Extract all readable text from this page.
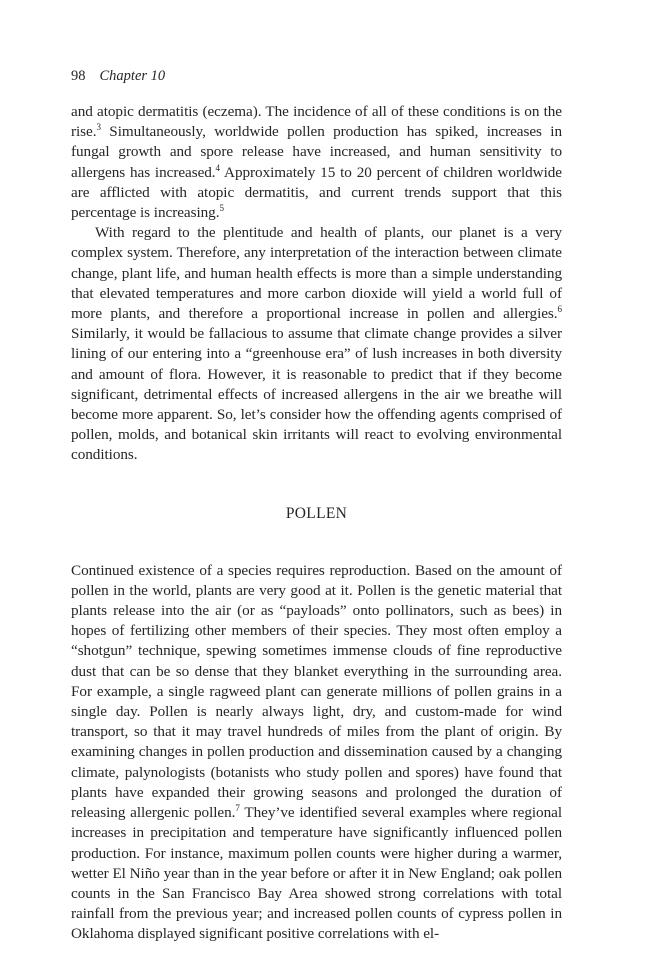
98 Chapter 10

and atopic dermatitis (eczema). The incidence of all of these conditions is on the rise.$^3$ Simultaneously, worldwide pollen production has spiked, increases in fungal growth and spore release have increased, and human sensitivity to allergens has increased.$^4$ Approximately 15 to 20 percent of children worldwide are afflicted with atopic dermatitis, and current trends support that this percentage is increasing.$^5$

With regard to the plentitude and health of plants, our planet is a very complex system. Therefore, any interpretation of the interaction between climate change, plant life, and human health effects is more than a simple understanding that elevated temperatures and more carbon dioxide will yield a world full of more plants, and therefore a proportional increase in pollen and allergies.$^6$ Similarly, it would be fallacious to assume that climate change provides a silver lining of our entering into a “greenhouse era” of lush increases in both diversity and amount of flora. However, it is reasonable to predict that if they become significant, detrimental effects of increased allergens in the air we breathe will become more apparent. So, let’s consider how the offending agents comprised of pollen, molds, and botanical skin irritants will react to evolving environmental conditions.

POLLEN

Continued existence of a species requires reproduction. Based on the amount of pollen in the world, plants are very good at it. Pollen is the genetic material that plants release into the air (or as “payloads” onto pollinators, such as bees) in hopes of fertilizing other members of their species. They most often employ a “shotgun” technique, spewing sometimes immense clouds of fine reproductive dust that can be so dense that they blanket everything in the surrounding area. For example, a single ragweed plant can generate millions of pollen grains in a single day. Pollen is nearly always light, dry, and custom-made for wind transport, so that it may travel hundreds of miles from the plant of origin. By examining changes in pollen production and dissemination caused by a changing climate, palynologists (botanists who study pollen and spores) have found that plants have expanded their growing seasons and prolonged the duration of releasing allergenic pollen.$^7$ They’ve identified several examples where regional increases in precipitation and temperature have significantly influenced pollen production. For instance, maximum pollen counts were higher during a warmer, wetter El Niño year than in the year before or after it in New England; oak pollen counts in the San Francisco Bay Area showed strong correlations with total rainfall from the previous year; and increased pollen counts of cypress pollen in Oklahoma displayed significant positive correlations with el-
